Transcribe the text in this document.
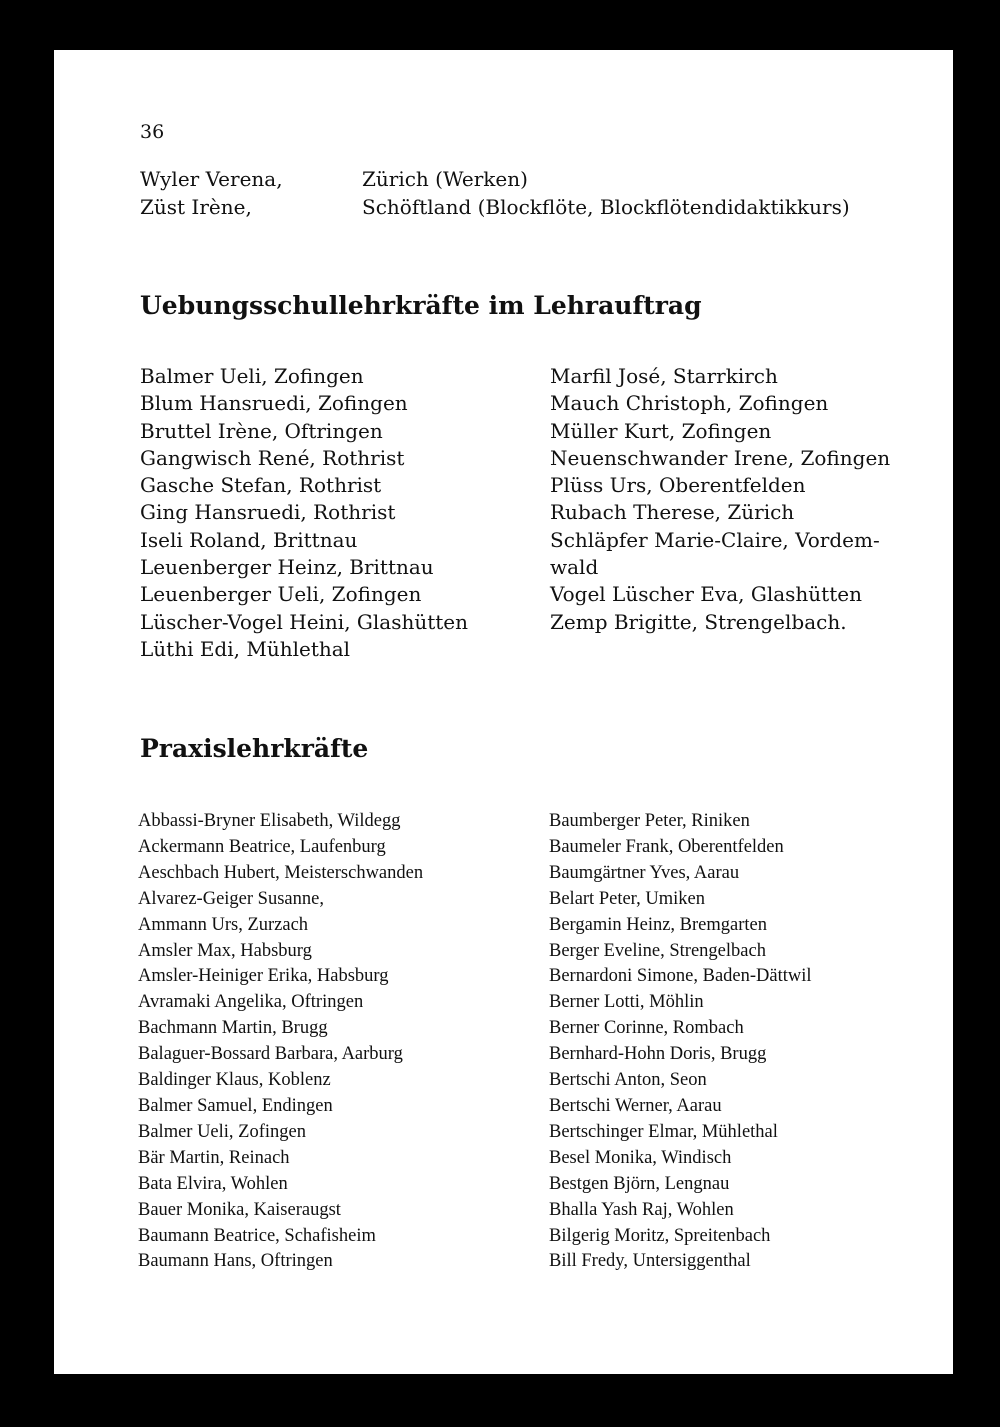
36
Wyler Verena,	Zürich (Werken)
Züst Irène,	Schöftland (Blockflöte, Blockflötendidaktikkurs)
Uebungsschullehrkräfte im Lehrauftrag
Balmer Ueli, Zofingen
Blum Hansruedi, Zofingen
Bruttel Irène, Oftringen
Gangwisch René, Rothrist
Gasche Stefan, Rothrist
Ging Hansruedi, Rothrist
Iseli Roland, Brittnau
Leuenberger Heinz, Brittnau
Leuenberger Ueli, Zofingen
Lüscher-Vogel Heini, Glashütten
Lüthi Edi, Mühlethal
Marfil José, Starrkirch
Mauch Christoph, Zofingen
Müller Kurt, Zofingen
Neuenschwander Irene, Zofingen
Plüss Urs, Oberentfelden
Rubach Therese, Zürich
Schläpfer Marie-Claire, Vordem-
wald
Vogel Lüscher Eva, Glashütten
Zemp Brigitte, Strengelbach.
Praxislehrkräfte
Abbassi-Bryner Elisabeth, Wildegg
Ackermann Beatrice, Laufenburg
Aeschbach Hubert, Meisterschwanden
Alvarez-Geiger Susanne,
Ammann Urs, Zurzach
Amsler Max, Habsburg
Amsler-Heiniger Erika, Habsburg
Avramaki Angelika, Oftringen
Bachmann Martin, Brugg
Balaguer-Bossard Barbara, Aarburg
Baldinger Klaus, Koblenz
Balmer Samuel, Endingen
Balmer Ueli, Zofingen
Bär Martin, Reinach
Bata Elvira, Wohlen
Bauer Monika, Kaiseraugst
Baumann Beatrice, Schafisheim
Baumann Hans, Oftringen
Baumberger Peter, Riniken
Baumeler Frank, Oberentfelden
Baumgärtner Yves, Aarau
Belart Peter, Umiken
Bergamin Heinz, Bremgarten
Berger Eveline, Strengelbach
Bernardoni Simone, Baden-Dättwil
Berner Lotti, Möhlin
Berner Corinne, Rombach
Bernhard-Hohn Doris, Brugg
Bertschi Anton, Seon
Bertschi Werner, Aarau
Bertschinger Elmar, Mühlethal
Besel Monika, Windisch
Bestgen Björn, Lengnau
Bhalla Yash Raj, Wohlen
Bilgerig Moritz, Spreitenbach
Bill Fredy, Untersiggenthal
